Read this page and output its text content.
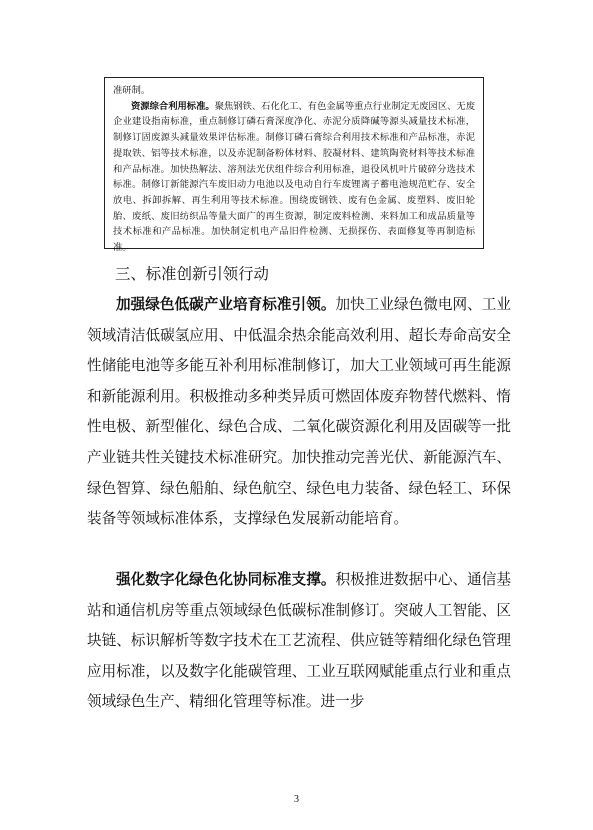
准研制。

资源综合利用标准。聚焦钢铁、石化化工、有色金属等重点行业制定无废园区、无废企业建设指南标准，重点制修订磷石膏深度净化、赤泥分质降碱等源头减量技术标准，制修订固废源头减量效果评估标准。制修订磷石膏综合利用技术标准和产品标准，赤泥提取铁、铝等技术标准，以及赤泥制备粉体材料、胶凝材料、建筑陶瓷材料等技术标准和产品标准。加快热解法、溶剂法光伏组件综合利用标准，退役风机叶片破碎分选技术标准。制修订新能源汽车废旧动力电池以及电动自行车废锂离子蓄电池规范贮存、安全放电、拆卸拆解、再生利用等技术标准。围绕废钢铁、废有色金属、废塑料、废旧轮胎、废纸、废旧纺织品等量大面广的再生资源，制定废料检测、来料加工和成品质量等技术标准和产品标准。加快制定机电产品旧件检测、无损探伤、表面修复等再制造标准。

三、标准创新引领行动

加强绿色低碳产业培育标准引领。加快工业绿色微电网、工业领域清洁低碳氢应用、中低温余热余能高效利用、超长寿命高安全性储能电池等多能互补利用标准制修订，加大工业领域可再生能源和新能源利用。积极推动多种类异质可燃固体废弃物替代燃料、惰性电极、新型催化、绿色合成、二氧化碳资源化利用及固碳等一批产业链共性关键技术标准研究。加快推动完善光伏、新能源汽车、绿色智算、绿色船舶、绿色航空、绿色电力装备、绿色轻工、环保装备等领域标准体系，支撑绿色发展新动能培育。

强化数字化绿色化协同标准支撑。积极推进数据中心、通信基站和通信机房等重点领域绿色低碳标准制修订。突破人工智能、区块链、标识解析等数字技术在工艺流程、供应链等精细化绿色管理应用标准，以及数字化能碳管理、工业互联网赋能重点行业和重点领域绿色生产、精细化管理等标准。进一步

3
